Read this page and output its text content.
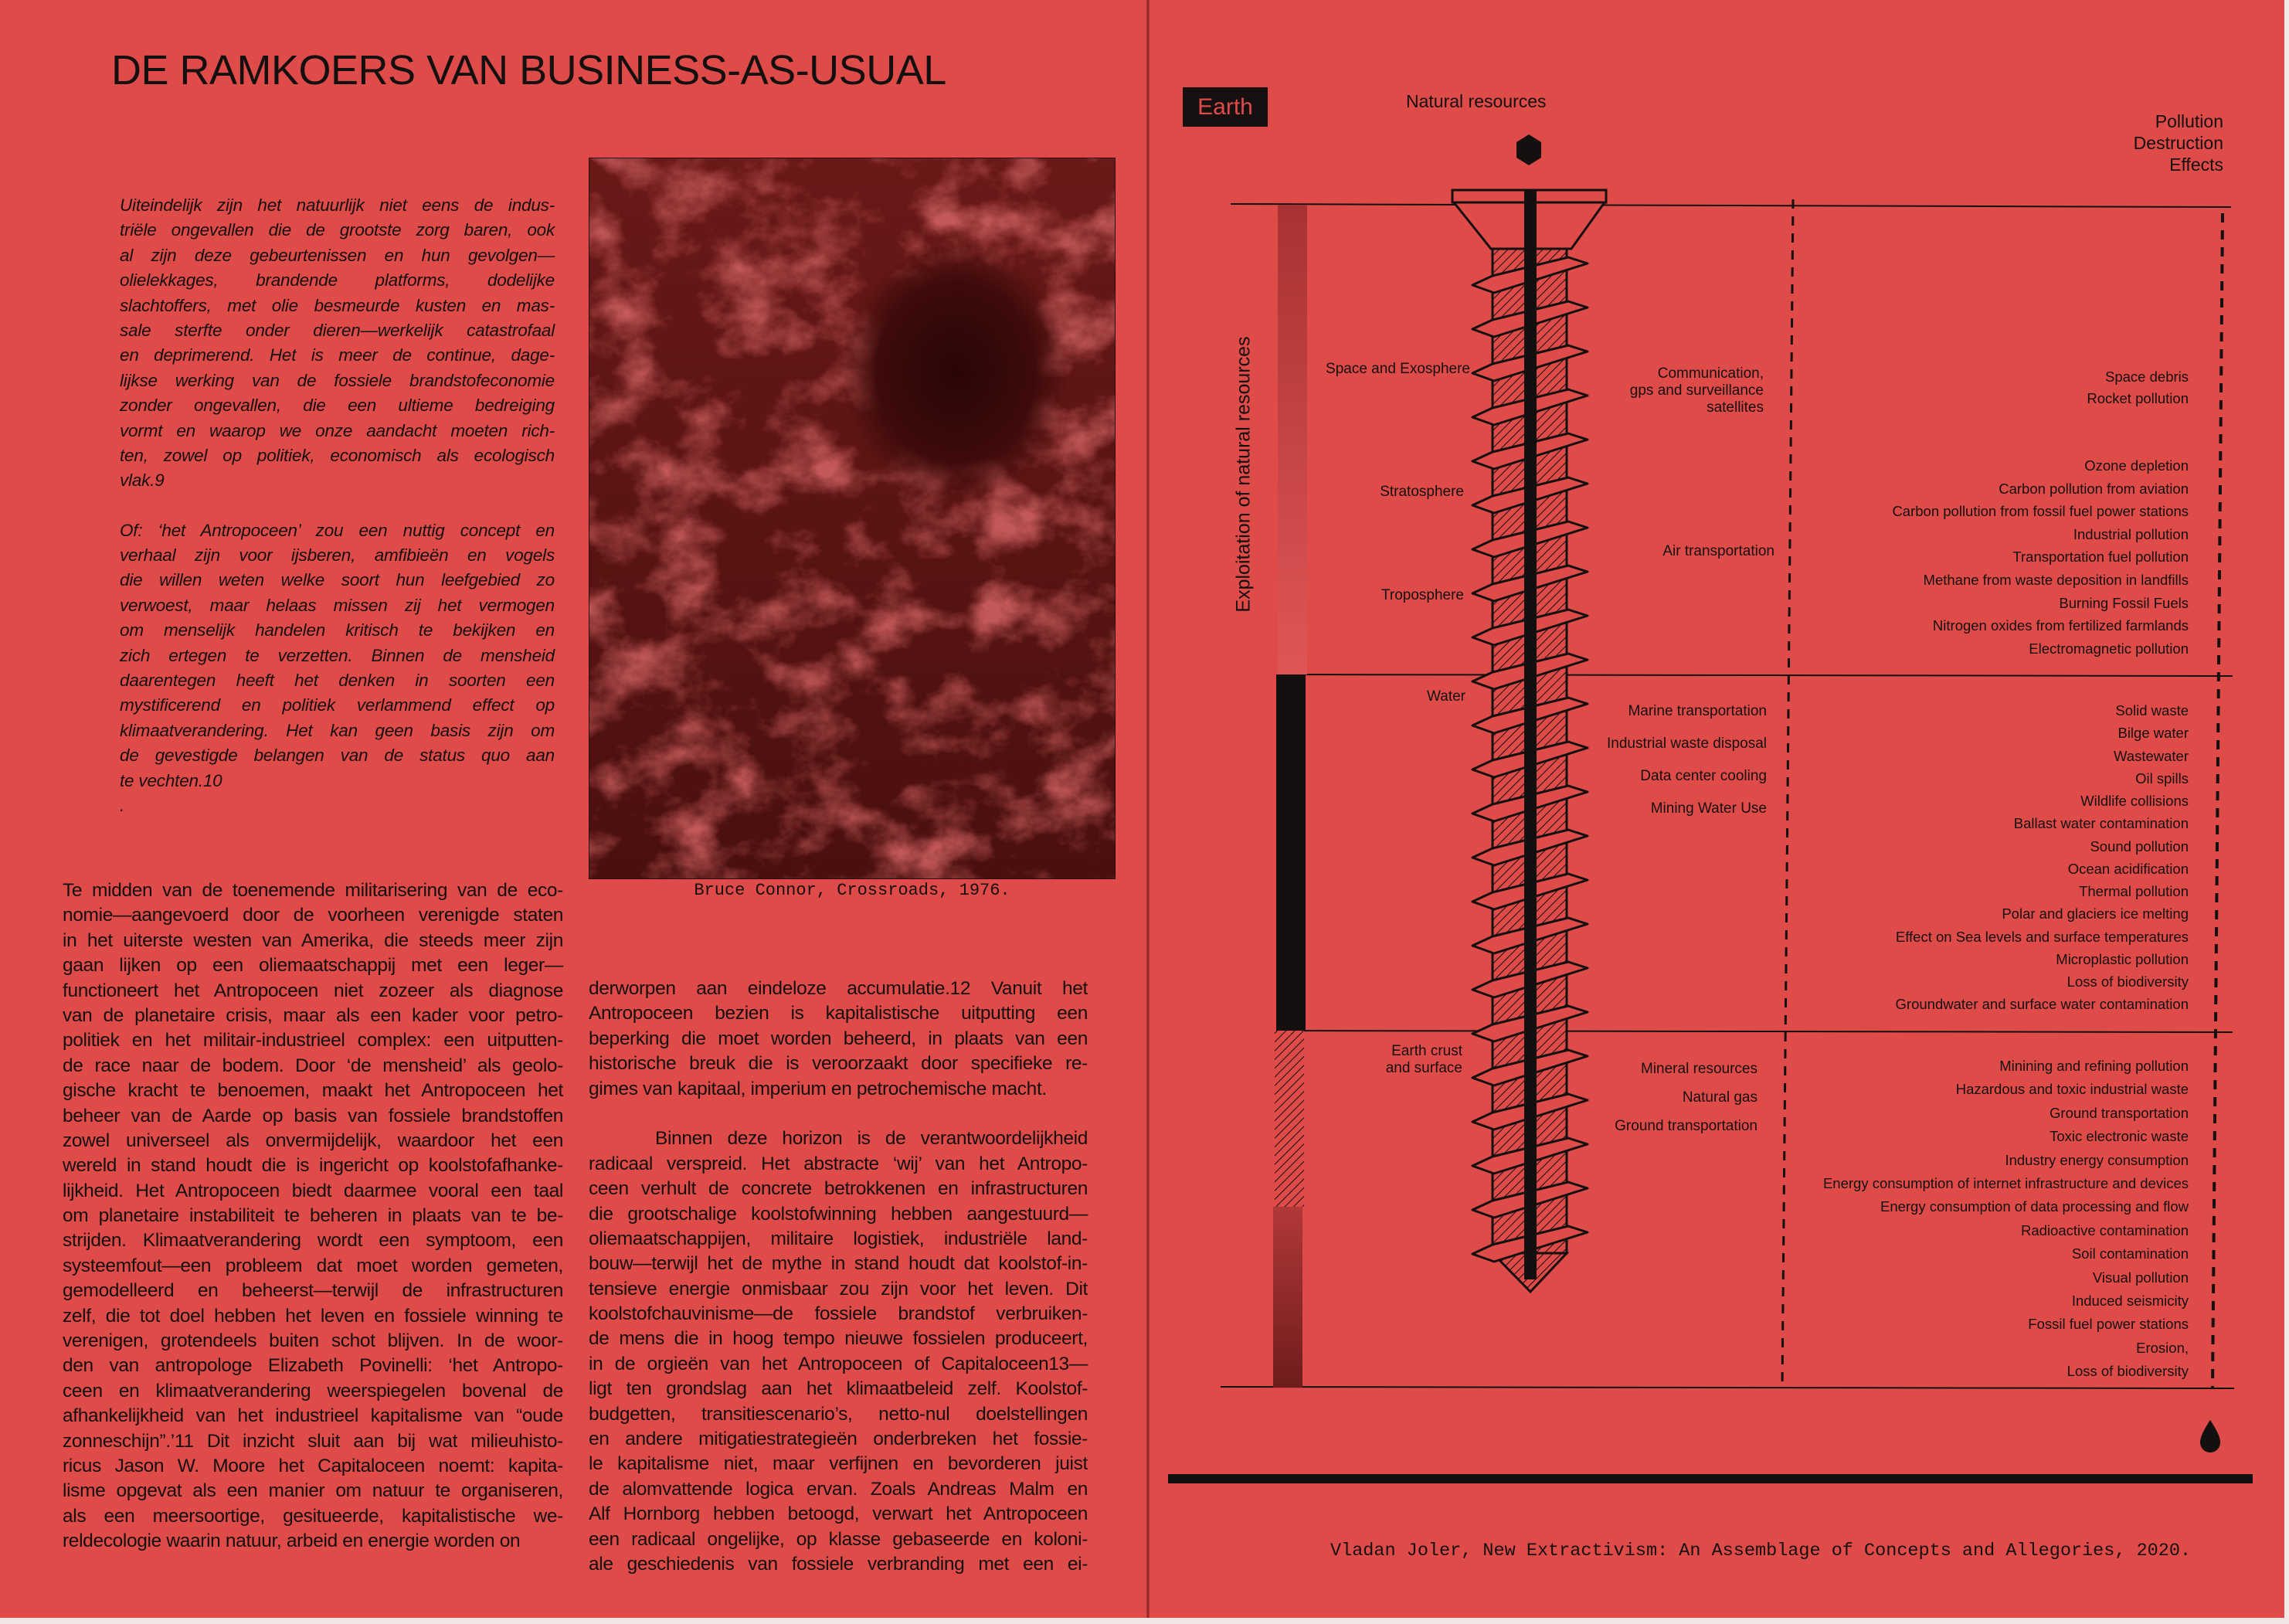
DE RAMKOERS VAN BUSINESS-AS-USUAL
Uiteindelijk zijn het natuurlijk niet eens de indus-
triële ongevallen die de grootste zorg baren, ook
al zijn deze gebeurtenissen en hun gevolgen—
olielekkages, brandende platforms, dodelijke
slachtoffers, met olie besmeurde kusten en mas-
sale sterfte onder dieren—werkelijk catastrofaal
en deprimerend. Het is meer de continue, dage-
lijkse werking van de fossiele brandstofeconomie
zonder ongevallen, die een ultieme bedreiging
vormt en waarop we onze aandacht moeten rich-
ten, zowel op politiek, economisch als ecologisch
vlak.9
Of: ‘het Antropoceen’ zou een nuttig concept en
verhaal zijn voor ijsberen, amfibieën en vogels
die willen weten welke soort hun leefgebied zo
verwoest, maar helaas missen zij het vermogen
om menselijk handelen kritisch te bekijken en
zich ertegen te verzetten. Binnen de mensheid
daarentegen heeft het denken in soorten een
mystificerend en politiek verlammend effect op
klimaatverandering. Het kan geen basis zijn om
de gevestigde belangen van de status quo aan
te vechten.10
.
Bruce Connor, Crossroads, 1976.
Te midden van de toenemende militarisering van de eco-
nomie—aangevoerd door de voorheen verenigde staten
in het uiterste westen van Amerika, die steeds meer zijn
gaan lijken op een oliemaatschappij met een leger—
functioneert het Antropoceen niet zozeer als diagnose
van de planetaire crisis, maar als een kader voor petro-
politiek en het militair-industrieel complex: een uitputten-
de race naar de bodem. Door ‘de mensheid’ als geolo-
gische kracht te benoemen, maakt het Antropoceen het
beheer van de Aarde op basis van fossiele brandstoffen
zowel universeel als onvermijdelijk, waardoor het een
wereld in stand houdt die is ingericht op koolstofafhanke-
lijkheid. Het Antropoceen biedt daarmee vooral een taal
om planetaire instabiliteit te beheren in plaats van te be-
strijden. Klimaatverandering wordt een symptoom, een
systeemfout—een probleem dat moet worden gemeten,
gemodelleerd en beheerst—terwijl de infrastructuren
zelf, die tot doel hebben het leven en fossiele winning te
verenigen, grotendeels buiten schot blijven. In de woor-
den van antropologe Elizabeth Povinelli: ‘het Antropo-
ceen en klimaatverandering weerspiegelen bovenal de
afhankelijkheid van het industrieel kapitalisme van “oude
zonneschijn”.’11 Dit inzicht sluit aan bij wat milieuhisto-
ricus Jason W. Moore het Capitaloceen noemt: kapita-
lisme opgevat als een manier om natuur te organiseren,
als een meersoortige, gesitueerde, kapitalistische we-
reldecologie waarin natuur, arbeid en energie worden on
derworpen aan eindeloze accumulatie.12 Vanuit het
Antropoceen bezien is kapitalistische uitputting een
beperking die moet worden beheerd, in plaats van een
historische breuk die is veroorzaakt door specifieke re-
gimes van kapitaal, imperium en petrochemische macht.
Binnen deze horizon is de verantwoordelijkheid
radicaal verspreid. Het abstracte ‘wij’ van het Antropo-
ceen verhult de concrete betrokkenen en infrastructuren
die grootschalige koolstofwinning hebben aangestuurd—
oliemaatschappijen, militaire logistiek, industriële land-
bouw—terwijl het de mythe in stand houdt dat koolstof-in-
tensieve energie onmisbaar zou zijn voor het leven. Dit
koolstofchauvinisme—de fossiele brandstof verbruiken-
de mens die in hoog tempo nieuwe fossielen produceert,
in de orgieën van het Antropoceen of Capitaloceen13—
ligt ten grondslag aan het klimaatbeleid zelf. Koolstof-
budgetten, transitiescenario’s, netto-nul doelstellingen
en andere mitigatiestrategieën onderbreken het fossie-
le kapitalisme niet, maar verfijnen en bevorderen juist
de alomvattende logica ervan. Zoals Andreas Malm en
Alf Hornborg hebben betoogd, verwart het Antropoceen
een radicaal ongelijke, op klasse gebaseerde en koloni-
ale geschiedenis van fossiele verbranding met een ei-
Earth	Natural resources
Pollution
Destruction
Effects
Exploitation of natural resources	Space and Exosphere
Stratosphere
Troposphere
Water
Earth crust
and surface
Communication,
gps and surveillance
satellites
Air transportation
Marine transportation
Industrial waste disposal
Data center cooling
Mining Water Use
Mineral resources
Natural gas
Ground transportation
Space debris
Rocket pollution
Ozone depletion
Carbon pollution from aviation
Carbon pollution from fossil fuel power stations
Industrial pollution
Transportation fuel pollution
Methane from waste deposition in landfills
Burning Fossil Fuels
Nitrogen oxides from fertilized farmlands
Electromagnetic pollution
Solid waste
Bilge water
Wastewater
Oil spills
Wildlife collisions
Ballast water contamination
Sound pollution
Ocean acidification
Thermal pollution
Polar and glaciers ice melting
Effect on Sea levels and surface temperatures
Microplastic pollution
Loss of biodiversity
Groundwater and surface water contamination
Minining and refining pollution
Hazardous and toxic industrial waste
Ground transportation
Toxic electronic waste
Industry energy consumption
Energy consumption of internet infrastructure and devices
Energy consumption of data processing and flow
Radioactive contamination
Soil contamination
Visual pollution
Induced seismicity
Fossil fuel power stations
Erosion,
Loss of biodiversity
Vladan Joler, New Extractivism: An Assemblage of Concepts and Allegories, 2020.
